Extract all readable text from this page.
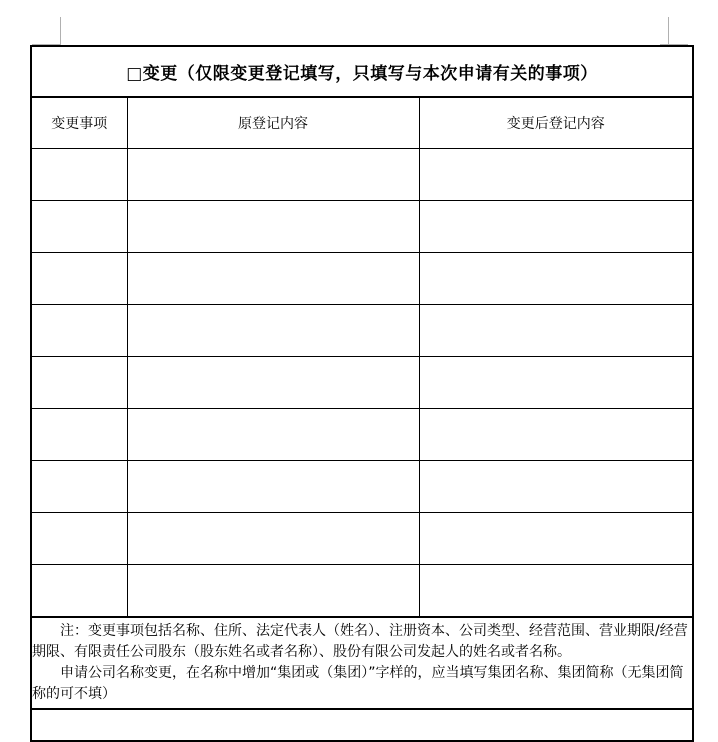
□变更（仅限变更登记填写，只填写与本次申请有关的事项）		
变更事项	原登记内容	变更后登记内容

注：变更事项包括名称、住所、法定代表人（姓名）、注册资本、公司类型、经营范围、营业期限/经营期限、有限责任公司股东（股东姓名或者名称）、股份有限公司发起人的姓名或者名称。

申请公司名称变更，在名称中增加“集团或（集团）”字样的，应当填写集团名称、集团简称（无集团简称的可不填）		
